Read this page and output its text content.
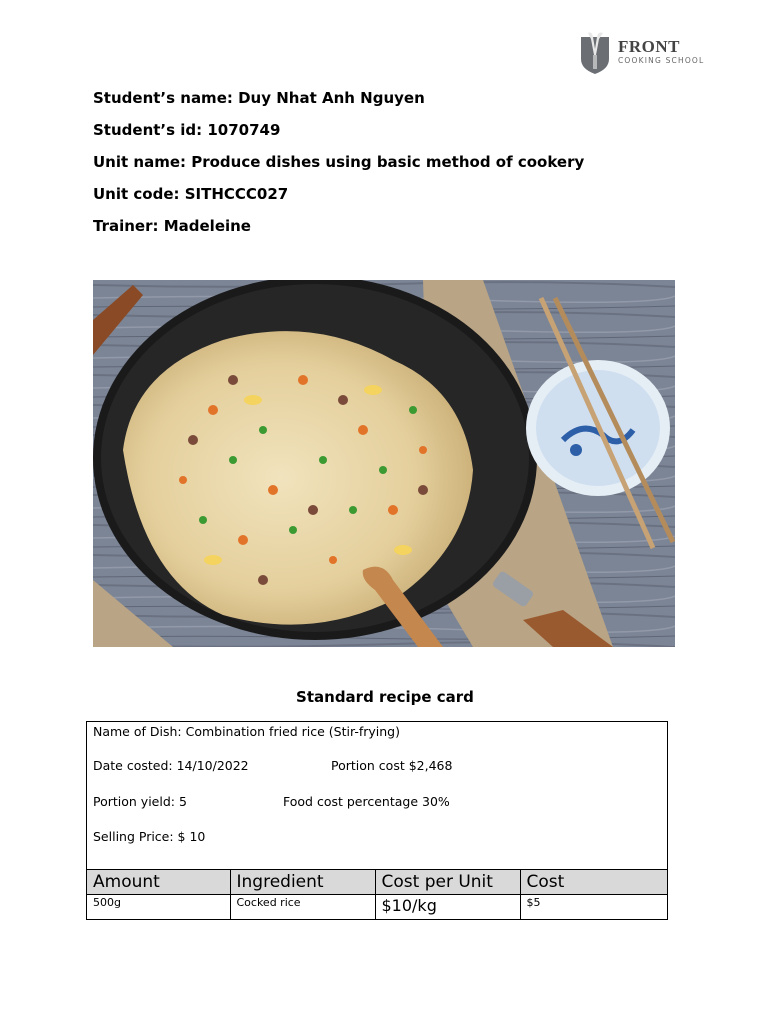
FRONT
COOKING SCHOOL
Student’s name: Duy Nhat Anh Nguyen
Student’s id: 1070749
Unit name: Produce dishes using basic method of cookery
Unit code: SITHCCC027
Trainer: Madeleine
Standard recipe card
Name of Dish: Combination fried rice (Stir-frying)
Date costed: 14/10/2022	Portion cost $2,468
Portion yield: 5	Food cost percentage 30%
Selling Price: $ 10
Amount	Ingredient	Cost per Unit	Cost
500g	Cocked rice	$10/kg	$5
